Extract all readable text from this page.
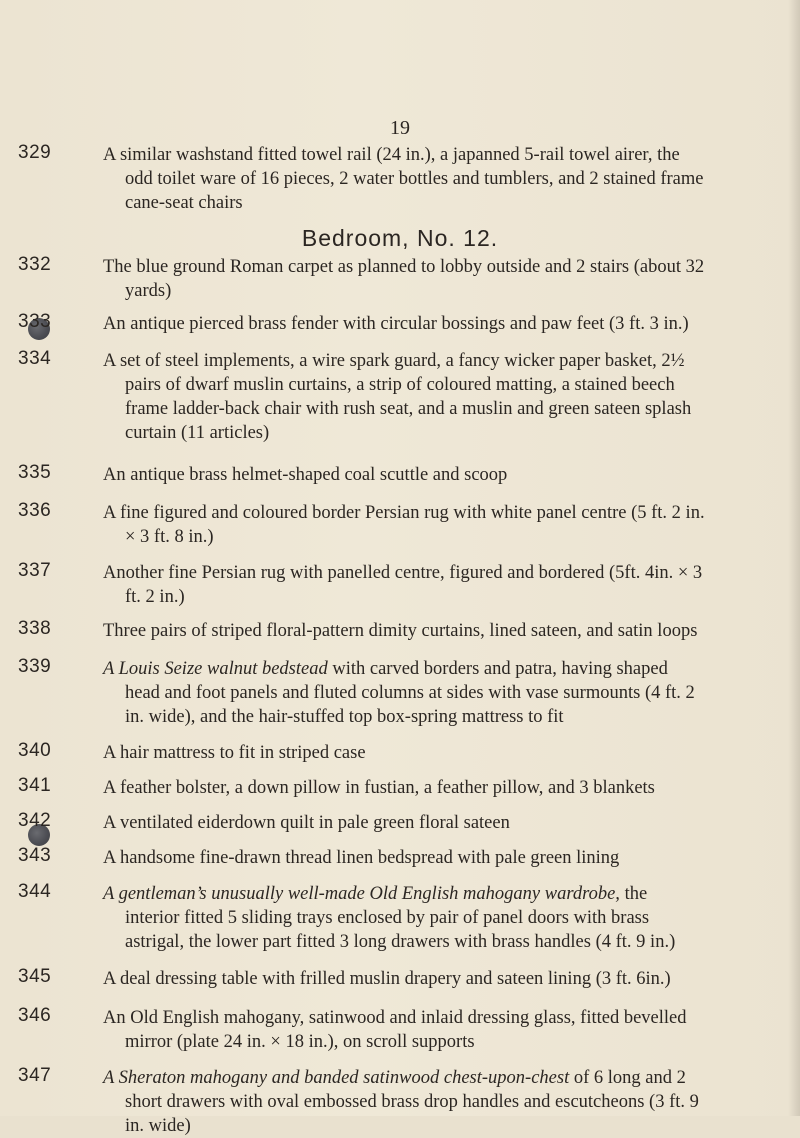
19
Bedroom, No. 12.
329	A similar washstand fitted towel rail (24 in.), a japanned 5-rail towel airer, the odd toilet ware of 16 pieces, 2 water bottles and tumblers, and 2 stained frame cane-seat chairs
332	The blue ground Roman carpet as planned to lobby outside and 2 stairs (about 32 yards)
333	An antique pierced brass fender with circular bossings and paw feet (3 ft. 3 in.)
334	A set of steel implements, a wire spark guard, a fancy wicker paper basket, 2½ pairs of dwarf muslin curtains, a strip of coloured matting, a stained beech frame ladder-back chair with rush seat, and a muslin and green sateen splash curtain (11 articles)
335	An antique brass helmet-shaped coal scuttle and scoop
336	A fine figured and coloured border Persian rug with white panel centre (5 ft. 2 in. × 3 ft. 8 in.)
337	Another fine Persian rug with panelled centre, figured and bordered (5ft. 4in. × 3 ft. 2 in.)
338	Three pairs of striped floral-pattern dimity curtains, lined sateen, and satin loops
339	A Louis Seize walnut bedstead with carved borders and patra, having shaped head and foot panels and fluted columns at sides with vase surmounts (4 ft. 2 in. wide), and the hair-stuffed top box-spring mattress to fit
340	A hair mattress to fit in striped case
341	A feather bolster, a down pillow in fustian, a feather pillow, and 3 blankets
342	A ventilated eiderdown quilt in pale green floral sateen
343	A handsome fine-drawn thread linen bedspread with pale green lining
344	A gentleman’s unusually well-made Old English mahogany wardrobe, the interior fitted 5 sliding trays enclosed by pair of panel doors with brass astrigal, the lower part fitted 3 long drawers with brass handles (4 ft. 9 in.)
345	A deal dressing table with frilled muslin drapery and sateen lining (3 ft. 6in.)
346	An Old English mahogany, satinwood and inlaid dressing glass, fitted bevelled mirror (plate 24 in. × 18 in.), on scroll supports
347	A Sheraton mahogany and banded satinwood chest-upon-chest of 6 long and 2 short drawers with oval embossed brass drop handles and escutcheons (3 ft. 9 in. wide)
